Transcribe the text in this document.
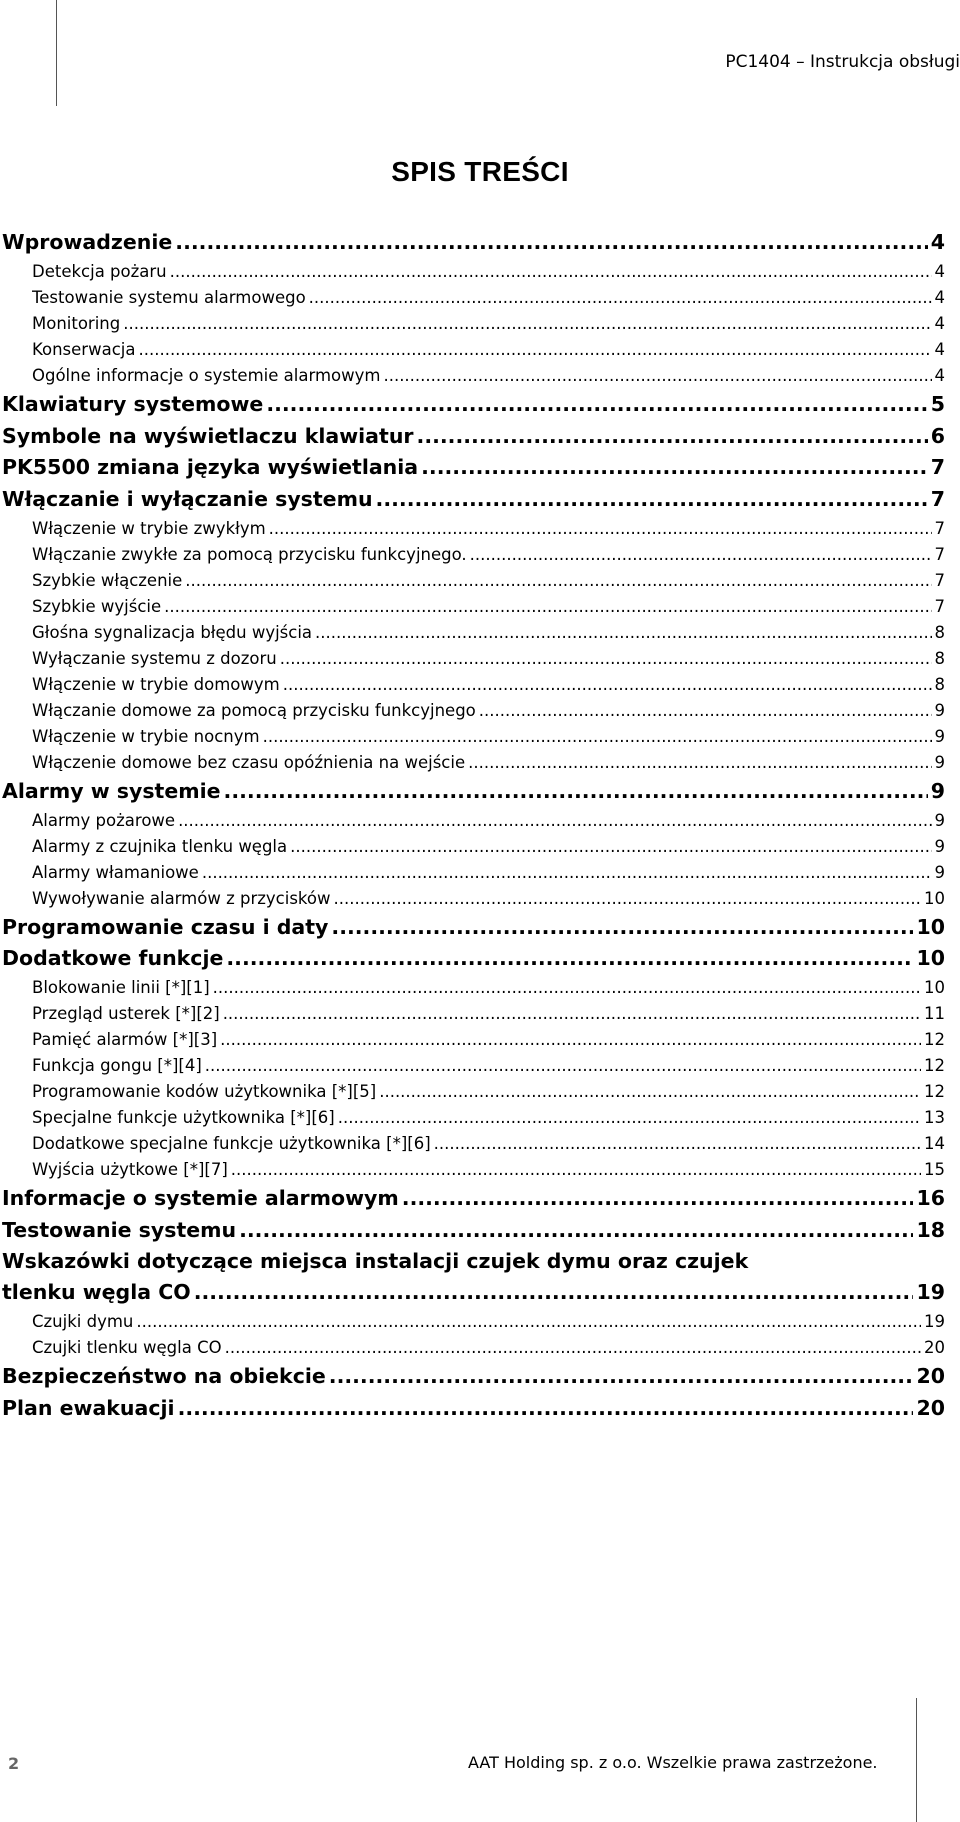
PC1404 – Instrukcja obsługi
SPIS TREŚCI
Wprowadzenie .....	4
Detekcja pożaru .....	4
Testowanie systemu alarmowego .....	4
Monitoring .....	4
Konserwacja .....	4
Ogólne informacje o systemie alarmowym .....	4
Klawiatury systemowe .....	5
Symbole na wyświetlaczu klawiatur .....	6
PK5500 zmiana języka wyświetlania .....	7
Włączanie i wyłączanie systemu .....	7
Włączenie w trybie zwykłym .....	7
Włączanie zwykłe za pomocą przycisku funkcyjnego. .....	7
Szybkie włączenie .....	7
Szybkie wyjście .....	7
Głośna sygnalizacja błędu wyjścia .....	8
Wyłączanie systemu z dozoru .....	8
Włączenie w trybie domowym .....	8
Włączanie domowe za pomocą przycisku funkcyjnego .....	9
Włączenie w trybie nocnym .....	9
Włączenie domowe bez czasu opóźnienia na wejście .....	9
Alarmy w systemie .....	9
Alarmy pożarowe .....	9
Alarmy z czujnika tlenku węgla .....	9
Alarmy włamaniowe .....	9
Wywoływanie alarmów z przycisków .....	10
Programowanie czasu i daty .....	10
Dodatkowe funkcje .....	10
Blokowanie linii [*][1] .....	10
Przegląd usterek [*][2] .....	11
Pamięć alarmów [*][3] .....	12
Funkcja gongu [*][4] .....	12
Programowanie kodów użytkownika [*][5] .....	12
Specjalne funkcje użytkownika [*][6] .....	13
Dodatkowe specjalne funkcje użytkownika [*][6] .....	14
Wyjścia użytkowe [*][7] .....	15
Informacje o systemie alarmowym .....	16
Testowanie systemu .....	18
Wskazówki dotyczące miejsca instalacji czujek dymu oraz czujek
tlenku węgla CO .....	19
Czujki dymu .....	19
Czujki tlenku węgla CO .....	20
Bezpieczeństwo na obiekcie .....	20
Plan ewakuacji .....	20
2	AAT Holding sp. z o.o. Wszelkie prawa zastrzeżone.
